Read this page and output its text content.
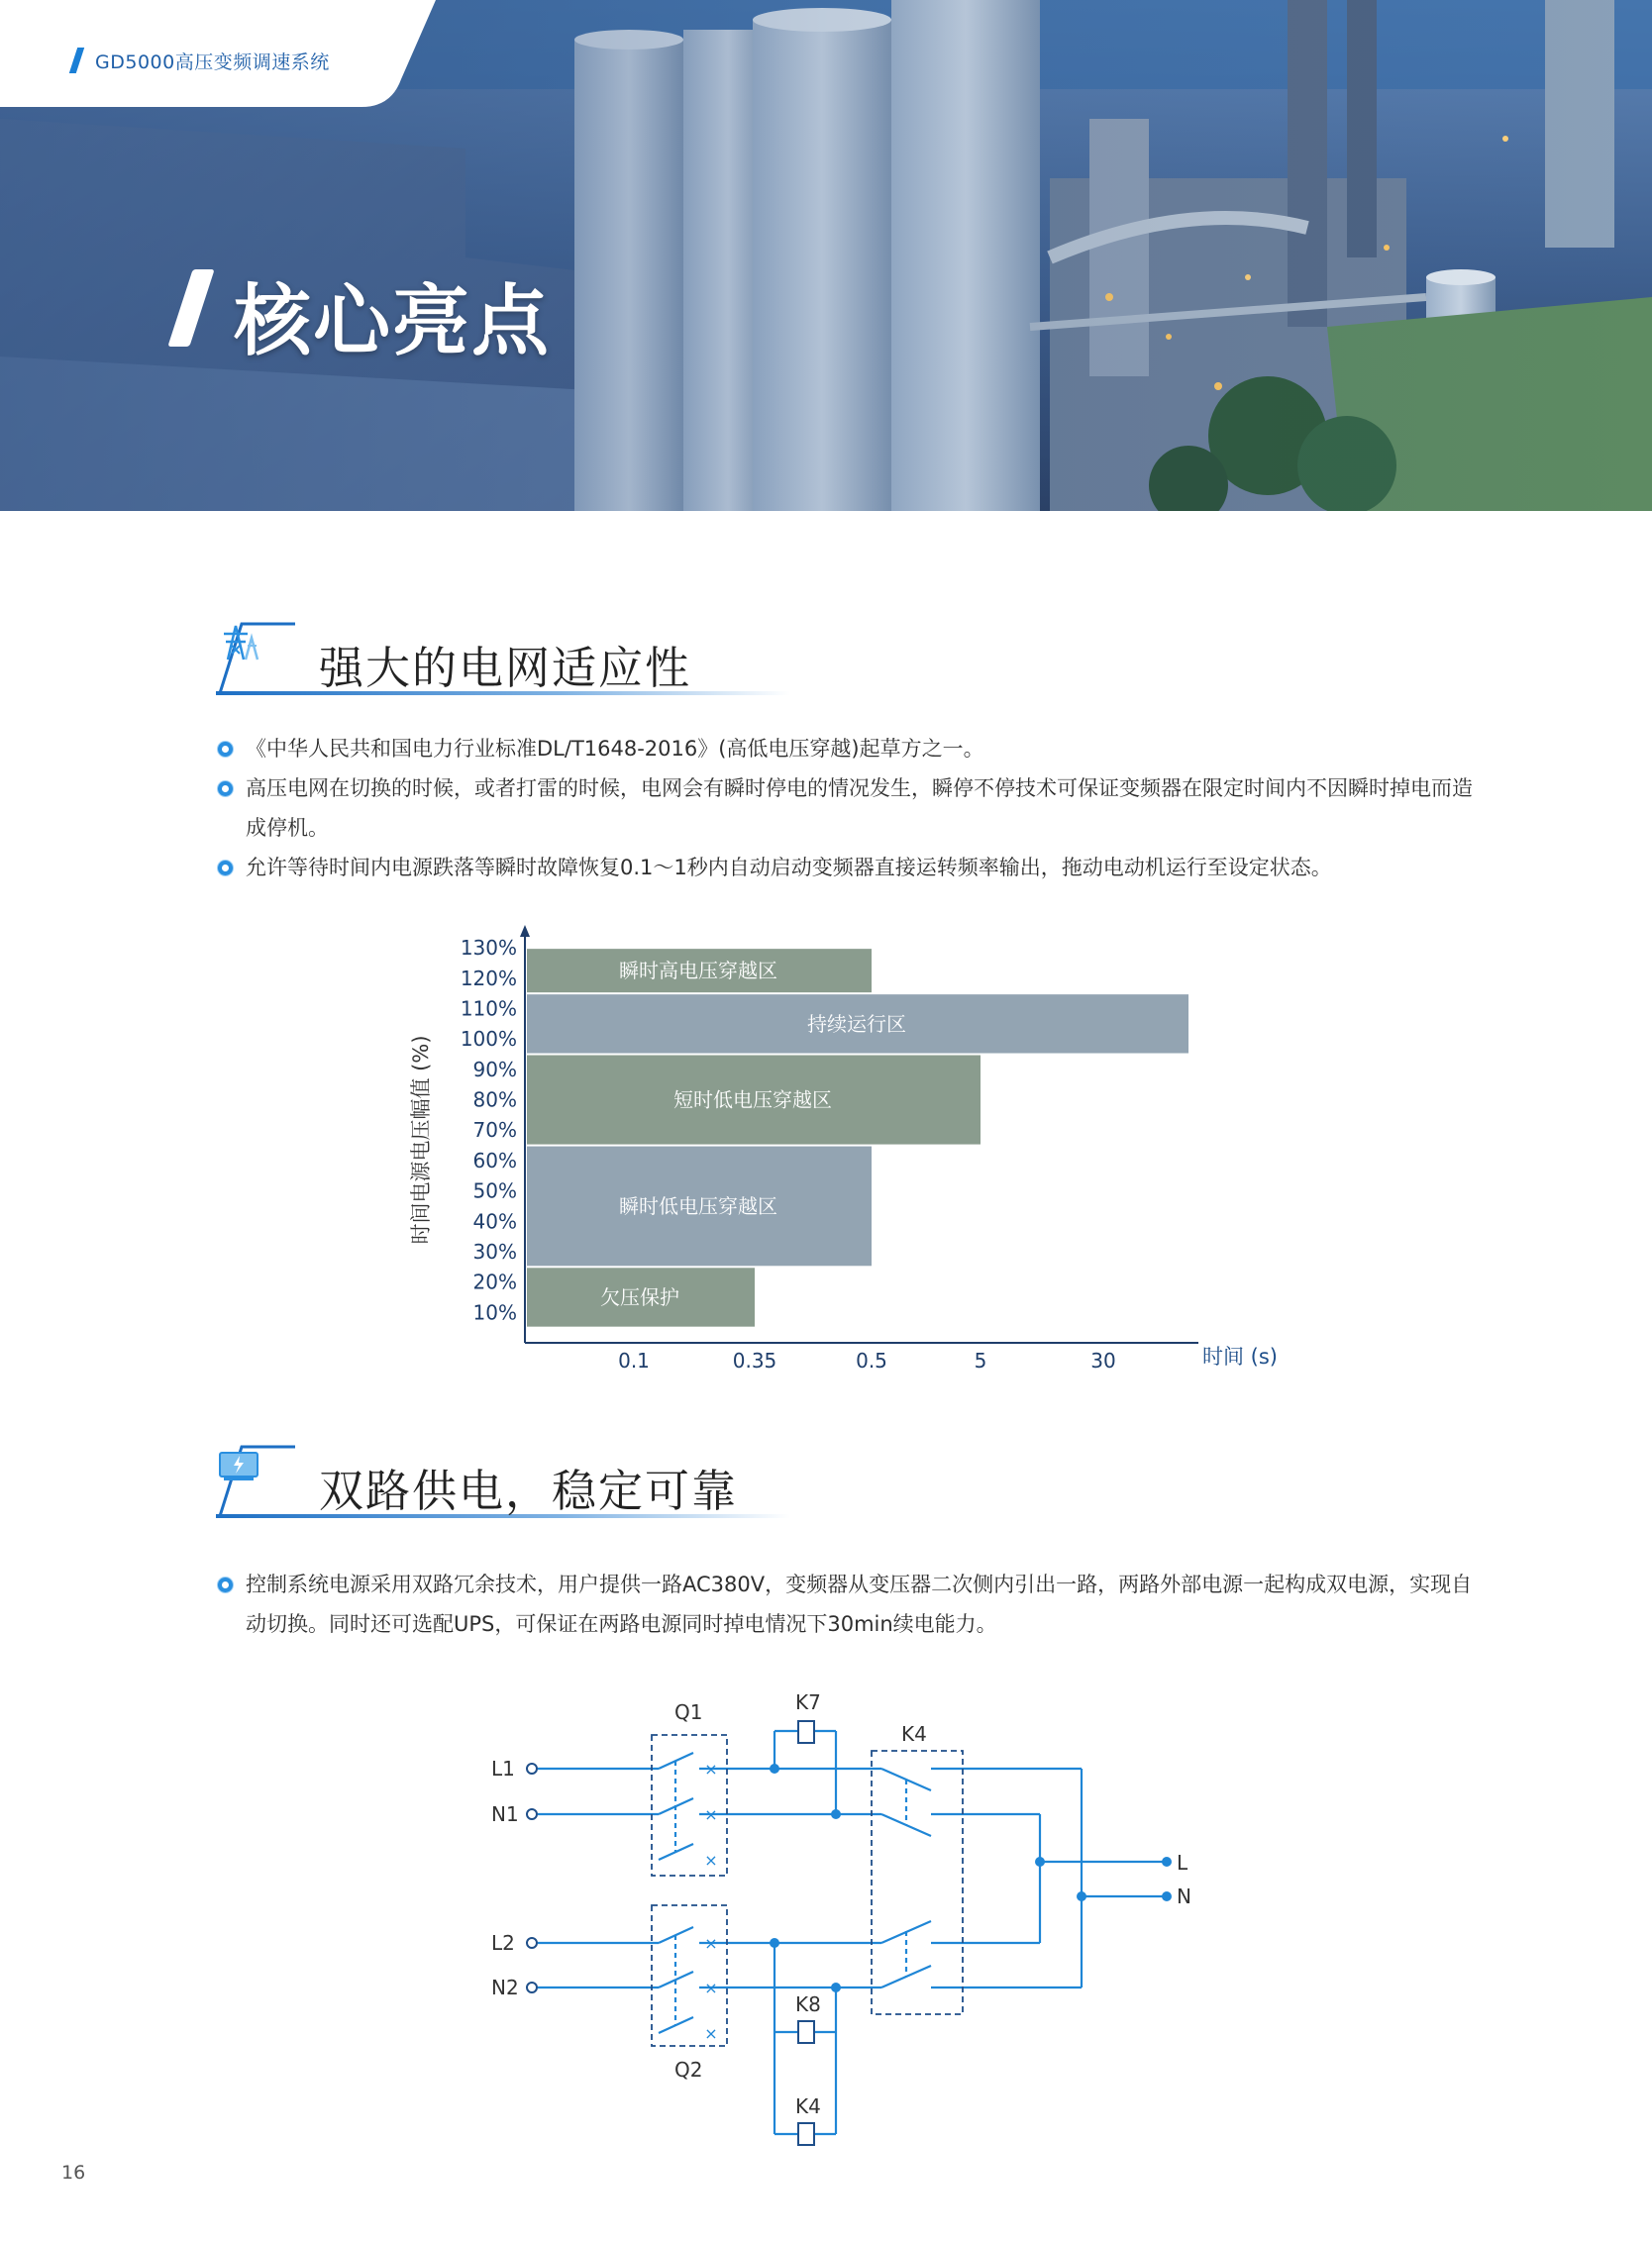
GD5000高压变频调速系统
核心亮点
强大的电网适应性
《中华人民共和国电力行业标准DL/T1648-2016》(高低电压穿越)起草方之一。
高压电网在切换的时候，或者打雷的时候，电网会有瞬时停电的情况发生，瞬停不停技术可保证变频器在限定时间内不因瞬时掉电而造成停机。
允许等待时间内电源跌落等瞬时故障恢复0.1～1秒内自动启动变频器直接运转频率输出，拖动电动机运行至设定状态。
时间电源电压幅值 (%)
时间 (s)
瞬时高电压穿越区
持续运行区
短时低电压穿越区
瞬时低电压穿越区
欠压保护
10%
20%
30%
40%
50%
60%
70%
80%
90%
100%
110%
120%
130%
0.1	0.35	0.5	5	30
双路供电，稳定可靠
控制系统电源采用双路冗余技术，用户提供一路AC380V，变频器从变压器二次侧内引出一路，两路外部电源一起构成双电源，实现自动切换。同时还可选配UPS，可保证在两路电源同时掉电情况下30min续电能力。
×
×
×
×
×
×
L1
N1
L2
N2
Q1
Q2
K7
K4
K8
K4
L
N
16
